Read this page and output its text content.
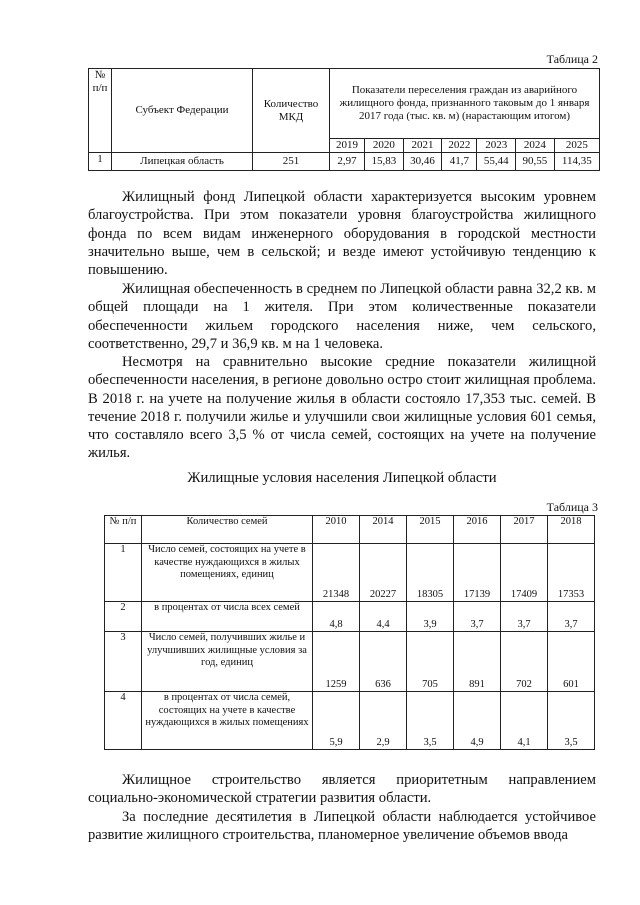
Таблица 2
№ п/п	Субъект Федерации	Количество МКД	Показатели переселения граждан из аварийного жилищного фонда, признанного таковым до 1 января 2017 года (тыс. кв. м) (нарастающим итогом)						
			2019	2020	2021	2022	2023	2024	2025
1	Липецкая область	251	2,97	15,83	30,46	41,7	55,44	90,55	114,35

Жилищный фонд Липецкой области характеризуется высоким уровнем благоустройства. При этом показатели уровня благоустройства жилищного фонда по всем видам инженерного оборудования в городской местности значительно выше, чем в сельской; и везде имеют устойчивую тенденцию к повышению.

Жилищная обеспеченность в среднем по Липецкой области равна 32,2 кв. м общей площади на 1 жителя. При этом количественные показатели обеспеченности жильем городского населения ниже, чем сельского, соответственно, 29,7 и 36,9 кв. м на 1 человека.

Несмотря на сравнительно высокие средние показатели жилищной обеспеченности населения, в регионе довольно остро стоит жилищная проблема. В 2018 г. на учете на получение жилья в области состояло 17,353 тыс. семей. В течение 2018 г. получили жилье и улучшили свои жилищные условия 601 семья, что составляло всего 3,5 % от числа семей, состоящих на учете на получение жилья.

Жилищные условия населения Липецкой области
Таблица 3
№ п/п	Количество семей	2010	2014	2015	2016	2017	2018
1	Число семей, состоящих на учете в качестве нуждающихся в жилых помещениях, единиц	21348	20227	18305	17139	17409	17353
2	в процентах от числа всех семей	4,8	4,4	3,9	3,7	3,7	3,7
3	Число семей, получивших жилье и улучшивших жилищные условия за год, единиц	1259	636	705	891	702	601
4	в процентах от числа семей, состоящих на учете в качестве нуждающихся в жилых помещениях	5,9	2,9	3,5	4,9	4,1	3,5

Жилищное строительство является приоритетным направлением социально-экономической стратегии развития области.

За последние десятилетия в Липецкой области наблюдается устойчивое развитие жилищного строительства, планомерное увеличение объемов ввода
